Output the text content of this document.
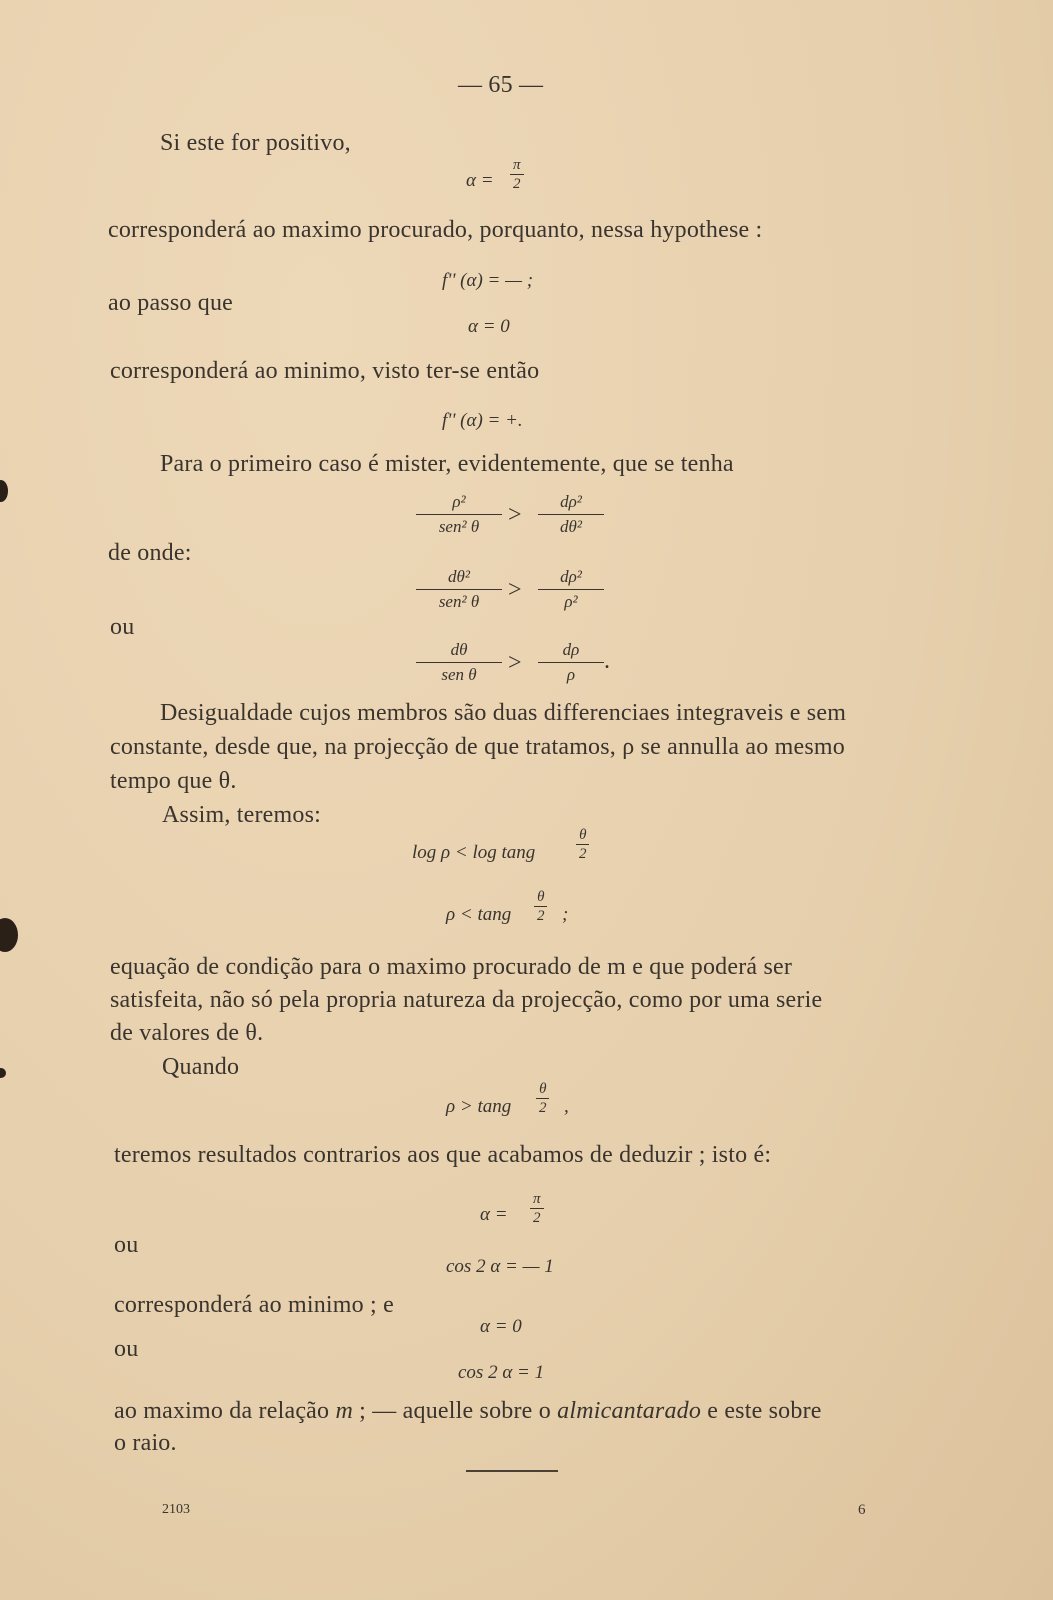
— 65 —
Si este for positivo,
$\alpha = \frac{\pi}{2}$
corresponderá ao maximo procurado, porquanto, nessa hypothese :
f'' (α) = — ;
ao passo que
α = 0
corresponderá ao minimo, visto ter-se então
f'' (α) = +.
Para o primeiro caso é mister, evidentemente, que se tenha
ρ²
sen² $\theta > \frac{\text{dρ²}}{\text{dθ²}}$
de onde:
dθ²
sen² $\theta > \frac{\text{dρ²}}{\text{ρ²}}$
ou
dθ
sen $\theta > \frac{d\rho}{\rho}$ .
Desigualdade cujos membros são duas differenciaes integraveis e sem
constante, desde que, na projecção de que tratamos, ρ se annulla ao mesmo
tempo que θ.
Assim, teremos:
log ρ < log tang	$\frac{\theta}{2}$
ρ < tang $\frac{\theta}{2}$ ;
equação de condição para o maximo procurado de m e que poderá ser
satisfeita, não só pela propria natureza da projecção, como por uma serie
de valores de θ.
Quando
ρ > tang $\frac{\theta}{2}$ ,
teremos resultados contrarios aos que acabamos de deduzir ; isto é:
$\alpha = \frac{\pi}{2}$
ou
cos 2 α = — 1
corresponderá ao minimo ; e
α = 0
ou
cos 2 α = 1
ao maximo da relação m ; — aquelle sobre o almicantarado e este sobre
o raio.
2103	6
